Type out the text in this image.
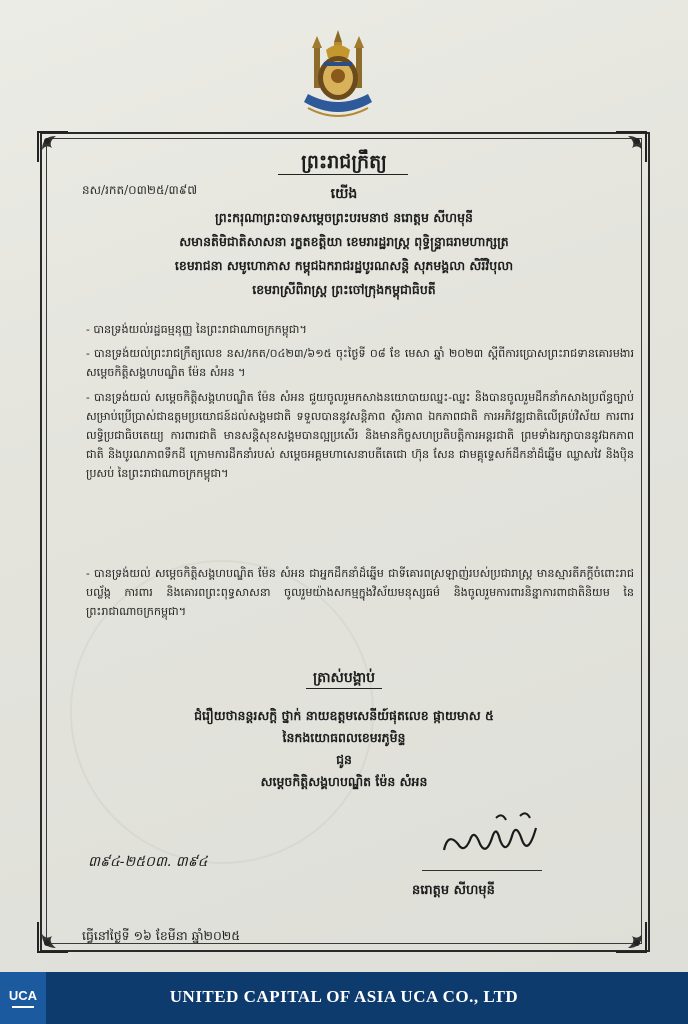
ព្រះរាជក្រឹត្យ
នស/រកត/០៣២៥/៣៩៧	យើង
ព្រះករុណាព្រះបាទសម្ដេចព្រះបរមនាថ នរោត្តម សីហមុនី
សមានតិមិជាតិសាសនា រក្ខតខត្តិយា ខេមរារដ្ឋរាស្ត្រ ពុទ្ធិន្ទ្រាធរាមហាក្សត្រ
ខេមរាជនា សមូហោភាស កម្ពុជឯករាជរដ្ឋបូរណសន្តិ សុភមង្គលា សិរីវិបុលា
ខេមរាស្រីពិរាស្ត្រ ព្រះចៅក្រុងកម្ពុជាធិបតី
- បានទ្រង់យល់រដ្ឋធម្មនុញ្ញ នៃព្រះរាជាណាចក្រកម្ពុជា។
- បានទ្រង់យល់ព្រះរាជក្រឹត្យលេខ នស/រកត/០៤២៣/៦១៥ ចុះថ្ងៃទី ០៨ ខែ មេសា ឆ្នាំ ២០២៣ ស្តីពីការប្រោសព្រះរាជទានគោរមងារ សម្តេចកិត្តិសង្គហបណ្ឌិត ម៉ែន សំអន ។
- បានទ្រង់យល់ សម្តេចកិត្តិសង្គហបណ្ឌិត ម៉ែន សំអន ជួយចូលរួមកសាងនយោបាយឈ្នះ-ឈ្នះ និងបានចូលរួមដឹកនាំកសាងប្រព័ន្ធច្បាប់សម្រាប់ប្រើប្រាស់ជាឧត្តមប្រយោជន៍ដល់សង្គមជាតិ ទទួលបាននូវសន្តិភាព ស្ថិរភាព ឯកភាពជាតិ ការអភិវឌ្ឍជាតិលើគ្រប់វិស័យ ការពារលទ្ធិប្រជាធិបតេយ្យ ការពារជាតិ មានសន្តិសុខសង្គមបានល្អប្រសើរ និងមានកិច្ចសហប្រតិបត្តិការអន្តរជាតិ ព្រមទាំងរក្សាបាននូវឯកភាពជាតិ និងបូរណភាពទឹកដី ក្រោមការដឹកនាំរបស់ សម្តេចអគ្គមហាសេនាបតីតេជោ ហ៊ុន សែន ជាមគ្គុទ្ទេសក៍ដឹកនាំដ៏ឆ្នើម ឈ្លាសវៃ និងប៉ិនប្រសប់ នៃព្រះរាជាណាចក្រកម្ពុជា។
- បានទ្រង់យល់ សម្តេចកិត្តិសង្គហបណ្ឌិត ម៉ែន សំអន ជាអ្នកដឹកនាំដ៏ឆ្នើម ជាទីគោរពស្រឡាញ់របស់ប្រជារាស្ត្រ មានស្មារតីភក្តីចំពោះរាជបល្ល័ង្ក ការពារ និងគោរពព្រះពុទ្ធសាសនា ចូលរួមយ៉ាងសកម្មក្នុងវិស័យមនុស្សធម៌ និងចូលរួមការពារនិន្នាការពាជាតិនិយម នៃព្រះរាជាណាចក្រកម្ពុជា។
ត្រាស់បង្គាប់
ជំរឿយថានន្តរសក្តិ ថ្នាក់ នាយឧត្តមសេនីយ៍ផុតលេខ ផ្កាយមាស ៥
នៃកងយោធពលខេមរភូមិន្ទ
ជូន
សម្តេចកិត្តិសង្គហបណ្ឌិត ម៉ែន សំអន
៣៩៤-២៥០៣. ៣៩៤
នរោត្តម សីហមុនី
ធ្វើនៅថ្ងៃទី ១៦ ខែមីនា ឆ្នាំ២០២៥
UCA	UNITED CAPITAL OF ASIA UCA CO., LTD
